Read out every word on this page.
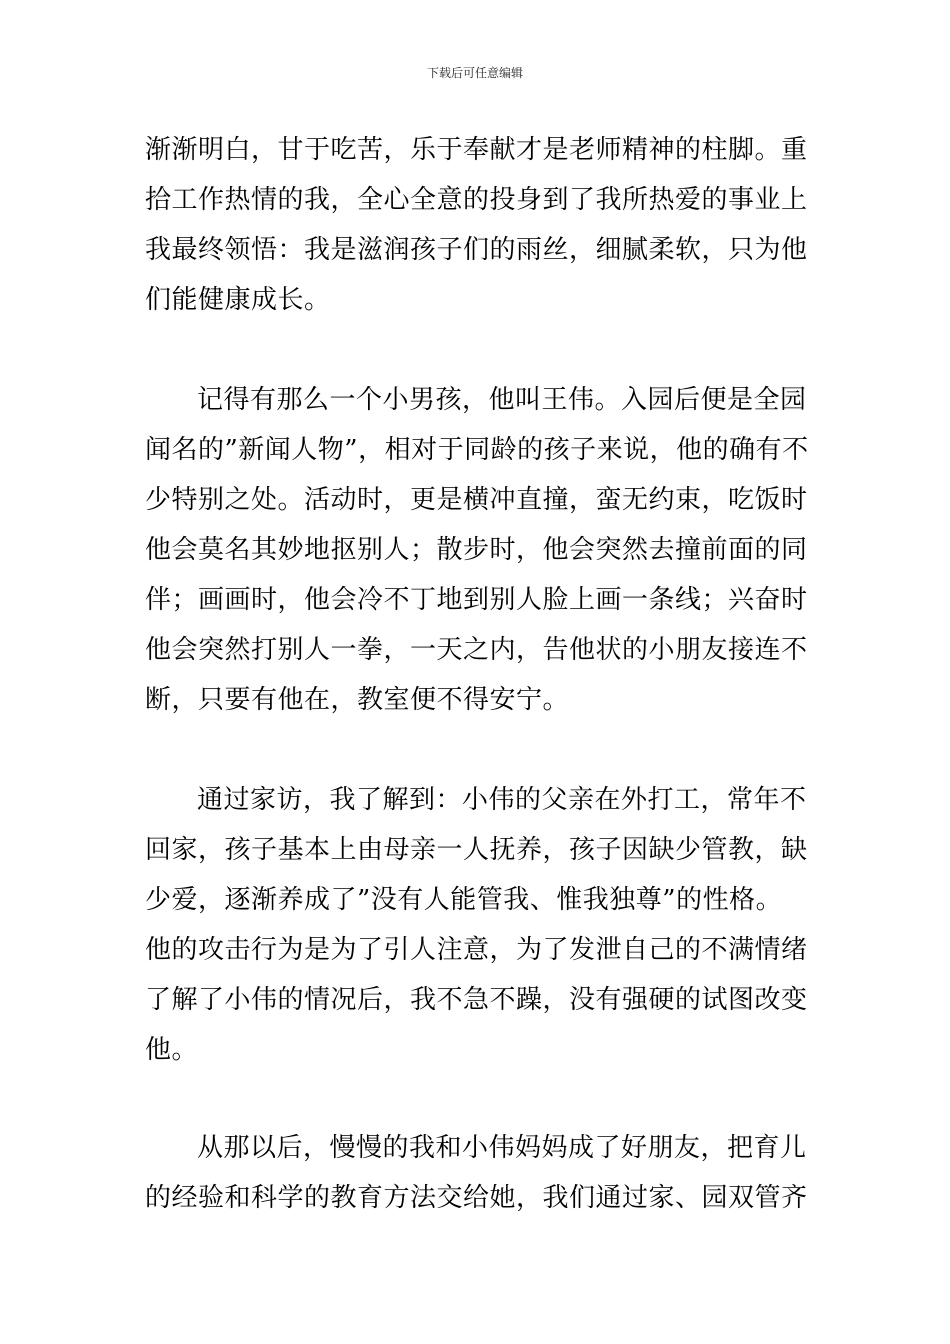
下载后可任意编辑
渐渐明白，甘于吃苦，乐于奉献才是老师精神的柱脚。重
拾工作热情的我，全心全意的投身到了我所热爱的事业上
我最终领悟：我是滋润孩子们的雨丝，细腻柔软，只为他
们能健康成长。
记得有那么一个小男孩，他叫王伟。入园后便是全园
闻名的”新闻人物”，相对于同龄的孩子来说，他的确有不
少特别之处。活动时，更是横冲直撞，蛮无约束，吃饭时
他会莫名其妙地抠别人；散步时，他会突然去撞前面的同
伴；画画时，他会冷不丁地到别人脸上画一条线；兴奋时
他会突然打别人一拳，一天之内，告他状的小朋友接连不
断，只要有他在，教室便不得安宁。
通过家访，我了解到：小伟的父亲在外打工，常年不
回家，孩子基本上由母亲一人抚养，孩子因缺少管教，缺
少爱，逐渐养成了”没有人能管我、惟我独尊”的性格。
他的攻击行为是为了引人注意，为了发泄自己的不满情绪
了解了小伟的情况后，我不急不躁，没有强硬的试图改变
他。
从那以后，慢慢的我和小伟妈妈成了好朋友，把育儿
的经验和科学的教育方法交给她，我们通过家、园双管齐
